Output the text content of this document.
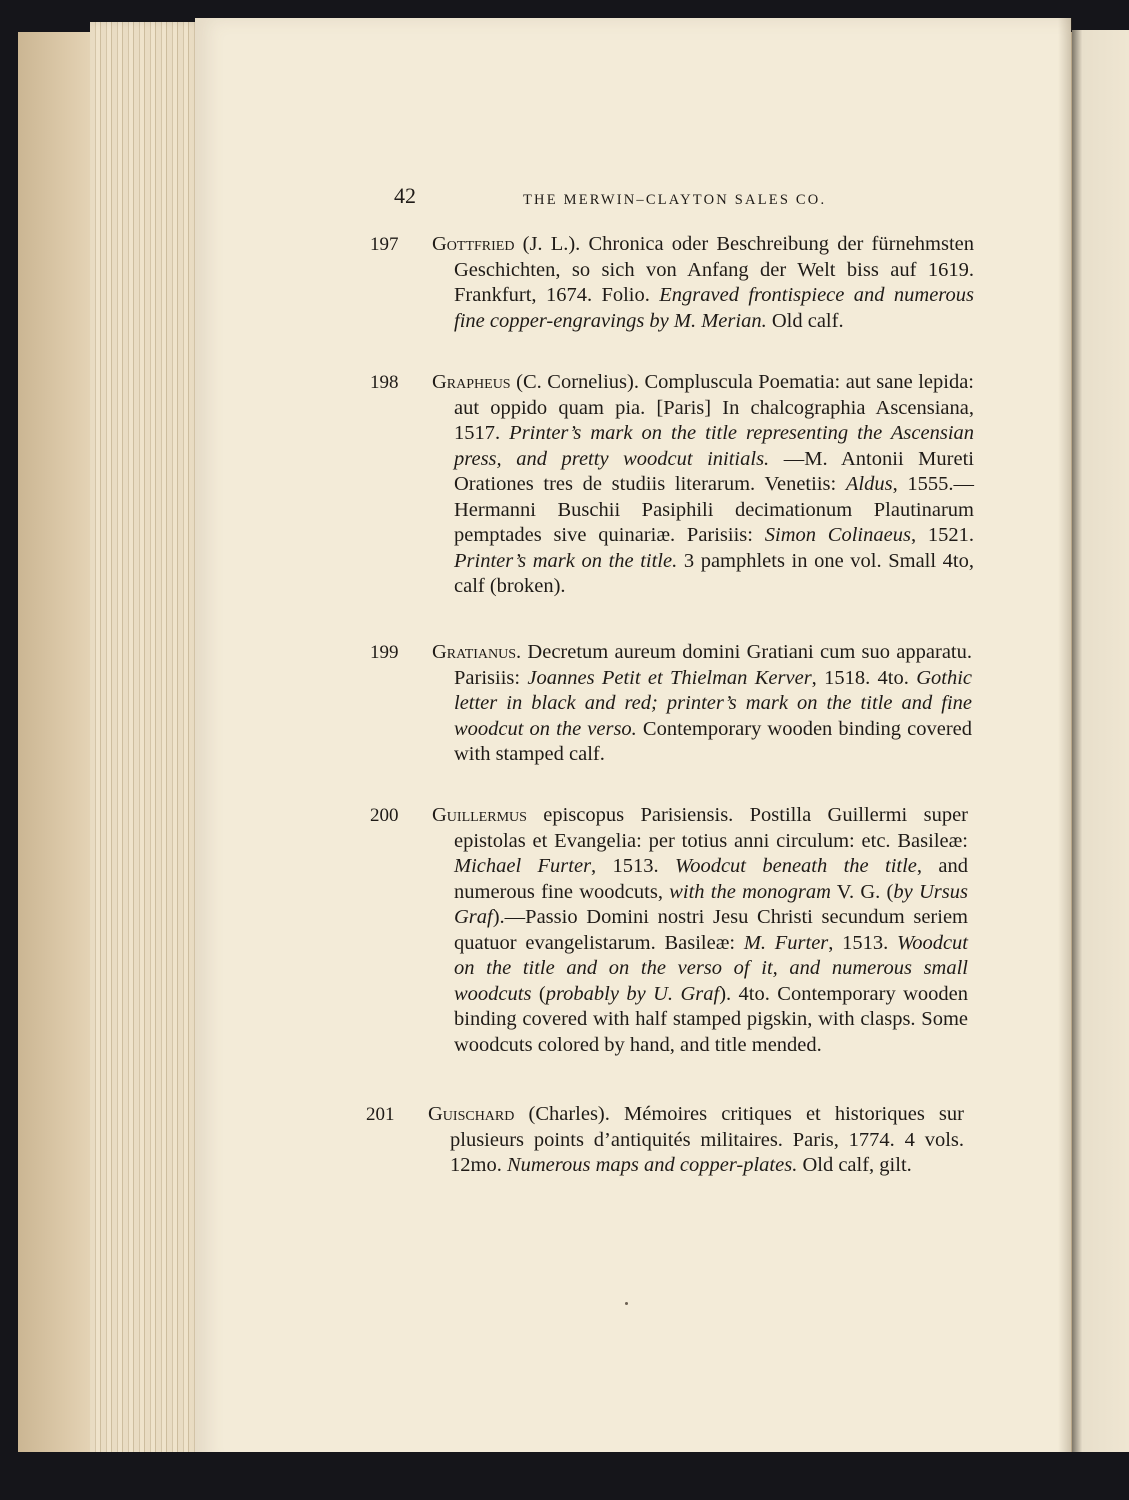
42	THE MERWIN–CLAYTON SALES CO.
197 Gottfried (J. L.). Chronica oder Beschreibung der fürnehmsten Geschichten, so sich von Anfang der Welt biss auf 1619. Frankfurt, 1674. Folio. Engraved frontispiece and numerous fine copper-engravings by M. Merian. Old calf.

198 Grapheus (C. Cornelius). Compluscula Poematia: aut sane lepida: aut oppido quam pia. [Paris] In chalcographia Ascensiana, 1517. Printer’s mark on the title representing the Ascensian press, and pretty woodcut initials. —M. Antonii Mureti Orationes tres de studiis literarum. Venetiis: Aldus, 1555.—Hermanni Buschii Pasiphili decimationum Plautinarum pemptades sive quinariæ. Parisiis: Simon Colinaeus, 1521. Printer’s mark on the title. 3 pamphlets in one vol. Small 4to, calf (broken).

199 Gratianus. Decretum aureum domini Gratiani cum suo apparatu. Parisiis: Joannes Petit et Thielman Kerver, 1518. 4to. Gothic letter in black and red; printer’s mark on the title and fine woodcut on the verso. Contemporary wooden binding covered with stamped calf.

200 Guillermus episcopus Parisiensis. Postilla Guillermi super epistolas et Evangelia: per totius anni circulum: etc. Basileæ: Michael Furter, 1513. Woodcut beneath the title, and numerous fine woodcuts, with the monogram V. G. (by Ursus Graf).—Passio Domini nostri Jesu Christi secundum seriem quatuor evangelistarum. Basileæ: M. Furter, 1513. Woodcut on the title and on the verso of it, and numerous small woodcuts (probably by U. Graf). 4to. Contemporary wooden binding covered with half stamped pigskin, with clasps. Some woodcuts colored by hand, and title mended.

201 Guischard (Charles). Mémoires critiques et historiques sur plusieurs points d’antiquités militaires. Paris, 1774. 4 vols. 12mo. Numerous maps and copper-plates. Old calf, gilt.
